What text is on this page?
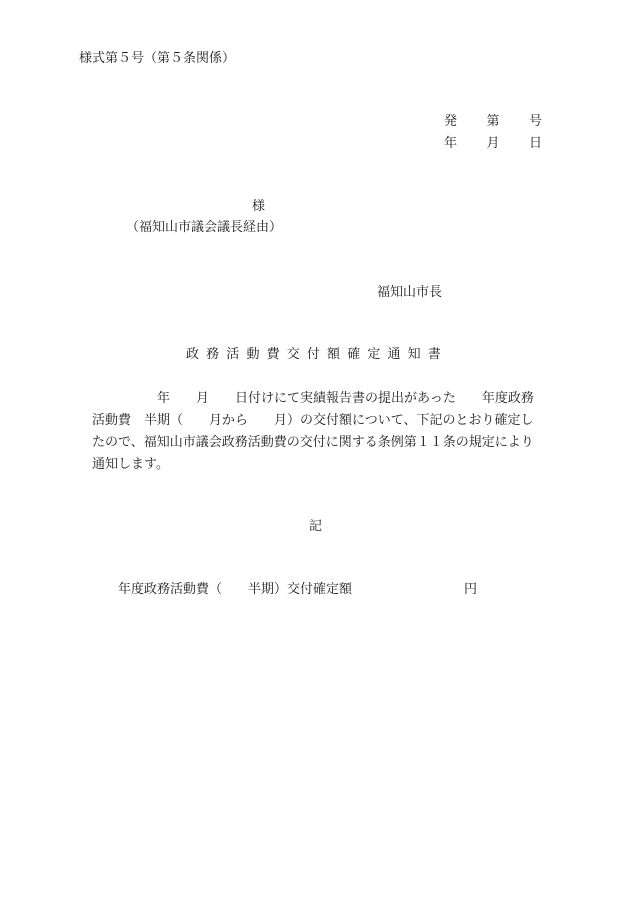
様式第５号（第５条関係）
発 第 号
年 月 日
様
（福知山市議会議長経由）
福知山市長
政務活動費交付額確定通知書

　　　　　年　　月　　日付けにて実績報告書の提出があった　　年度政務
活動費　半期（　　月から　　月）の交付額について、下記のとおり確定し
たので、福知山市議会政務活動費の交付に関する条例第１１条の規定により
通知します。

記
年度政務活動費（　　半期）交付確定額	円
